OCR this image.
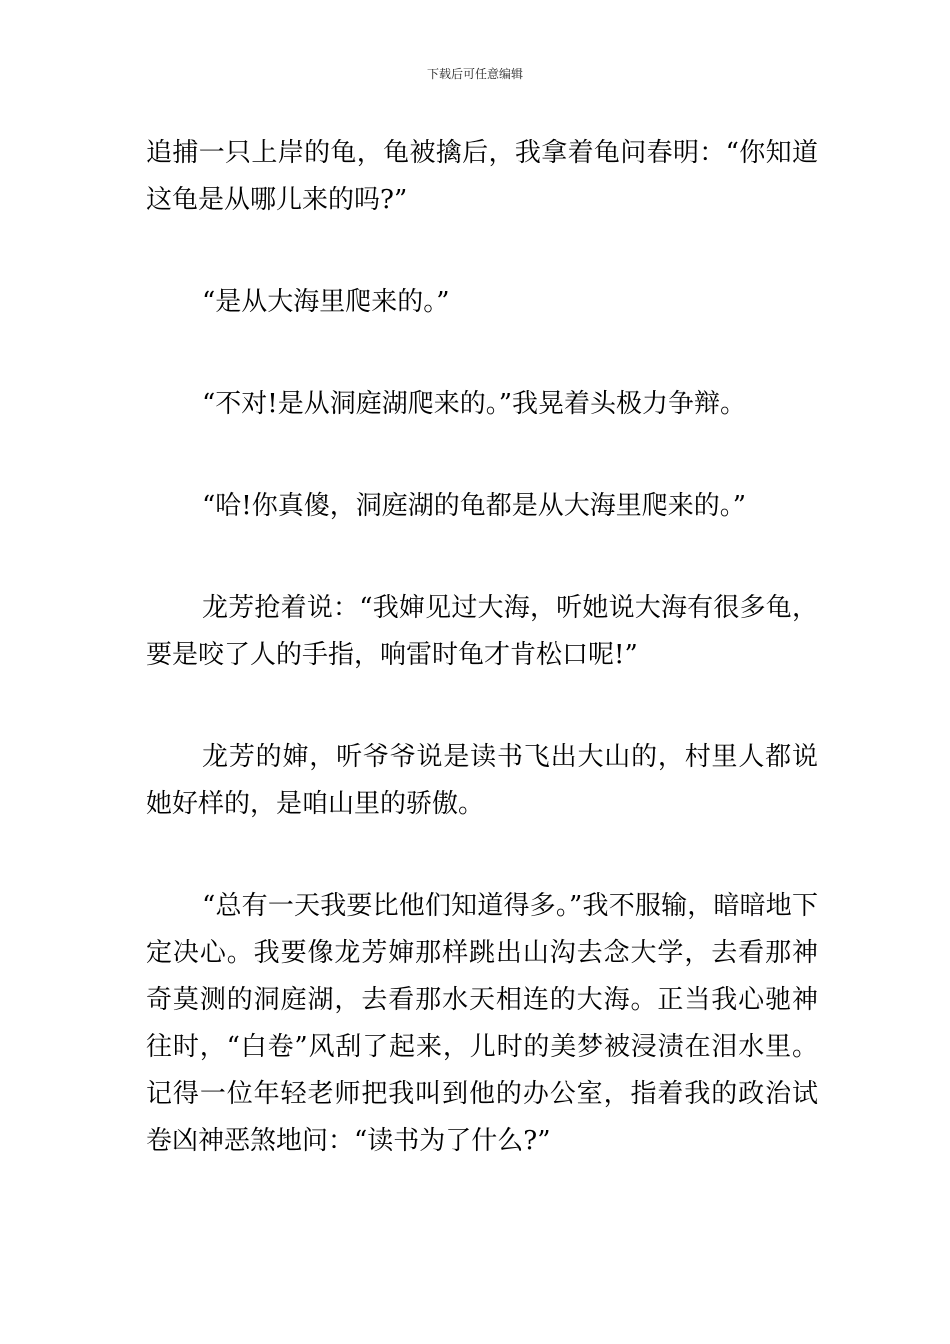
下载后可任意编辑

追捕一只上岸的龟，龟被擒后，我拿着龟问春明：“你知道这龟是从哪儿来的吗?”

“是从大海里爬来的。”

“不对!是从洞庭湖爬来的。”我晃着头极力争辩。

“哈!你真傻，洞庭湖的龟都是从大海里爬来的。”

龙芳抢着说：“我婶见过大海，听她说大海有很多龟，要是咬了人的手指，响雷时龟才肯松口呢!”

龙芳的婶，听爷爷说是读书飞出大山的，村里人都说她好样的，是咱山里的骄傲。

“总有一天我要比他们知道得多。”我不服输，暗暗地下定决心。我要像龙芳婶那样跳出山沟去念大学，去看那神奇莫测的洞庭湖，去看那水天相连的大海。正当我心驰神往时，“白卷”风刮了起来，儿时的美梦被浸渍在泪水里。记得一位年轻老师把我叫到他的办公室，指着我的政治试卷凶神恶煞地问：“读书为了什么?”
